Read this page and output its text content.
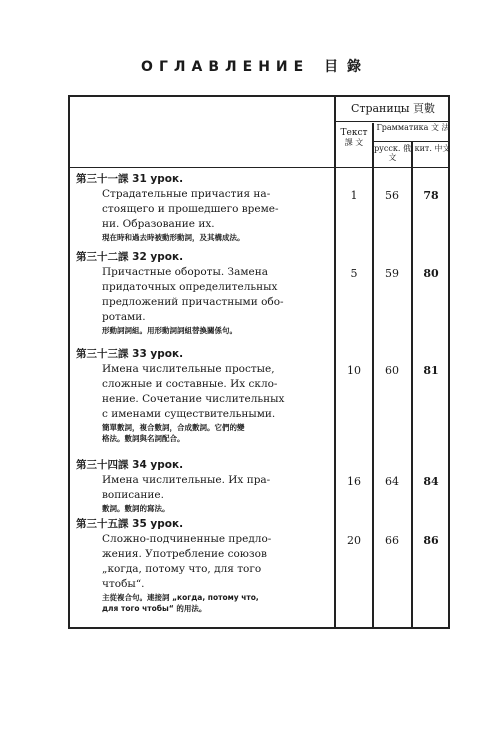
ОГЛАВЛЕНИЕ 目 錄
Страницы 頁數
Текст
課 文
Грамматика 文 法
русск. 俄文
кит. 中文
第三十一課 31 урок.
Страдательные причастия на-
стоящего и прошедшего време-
ни. Образование их.
現在時和過去時被動形動詞，及其構成法。
1	56	78
第三十二課 32 урок.
Причастные обороты. Замена
придаточных определительных
предложений причастными обо-
ротами.
形動詞詞組。用形動詞詞組替換關係句。
5	59	80
第三十三課 33 урок.
Имена числительные простые,
сложные и составные. Их скло-
нение. Сочетание числительных
с именами существительными.
簡單數詞，複合數詞，合成數詞。它們的變
格法。數詞與名詞配合。
10	60	81
第三十四課 34 урок.
Имена числительные. Их пра-
вописание.
數詞。數詞的寫法。
16	64	84
第三十五課 35 урок.
Сложно-подчиненные предло-
жения. Употребление союзов
„когда, потому что, для того
чтобы“.
主從複合句。連接詞 „когда, потому что,
для того чтобы“ 的用法。
20	66	86
